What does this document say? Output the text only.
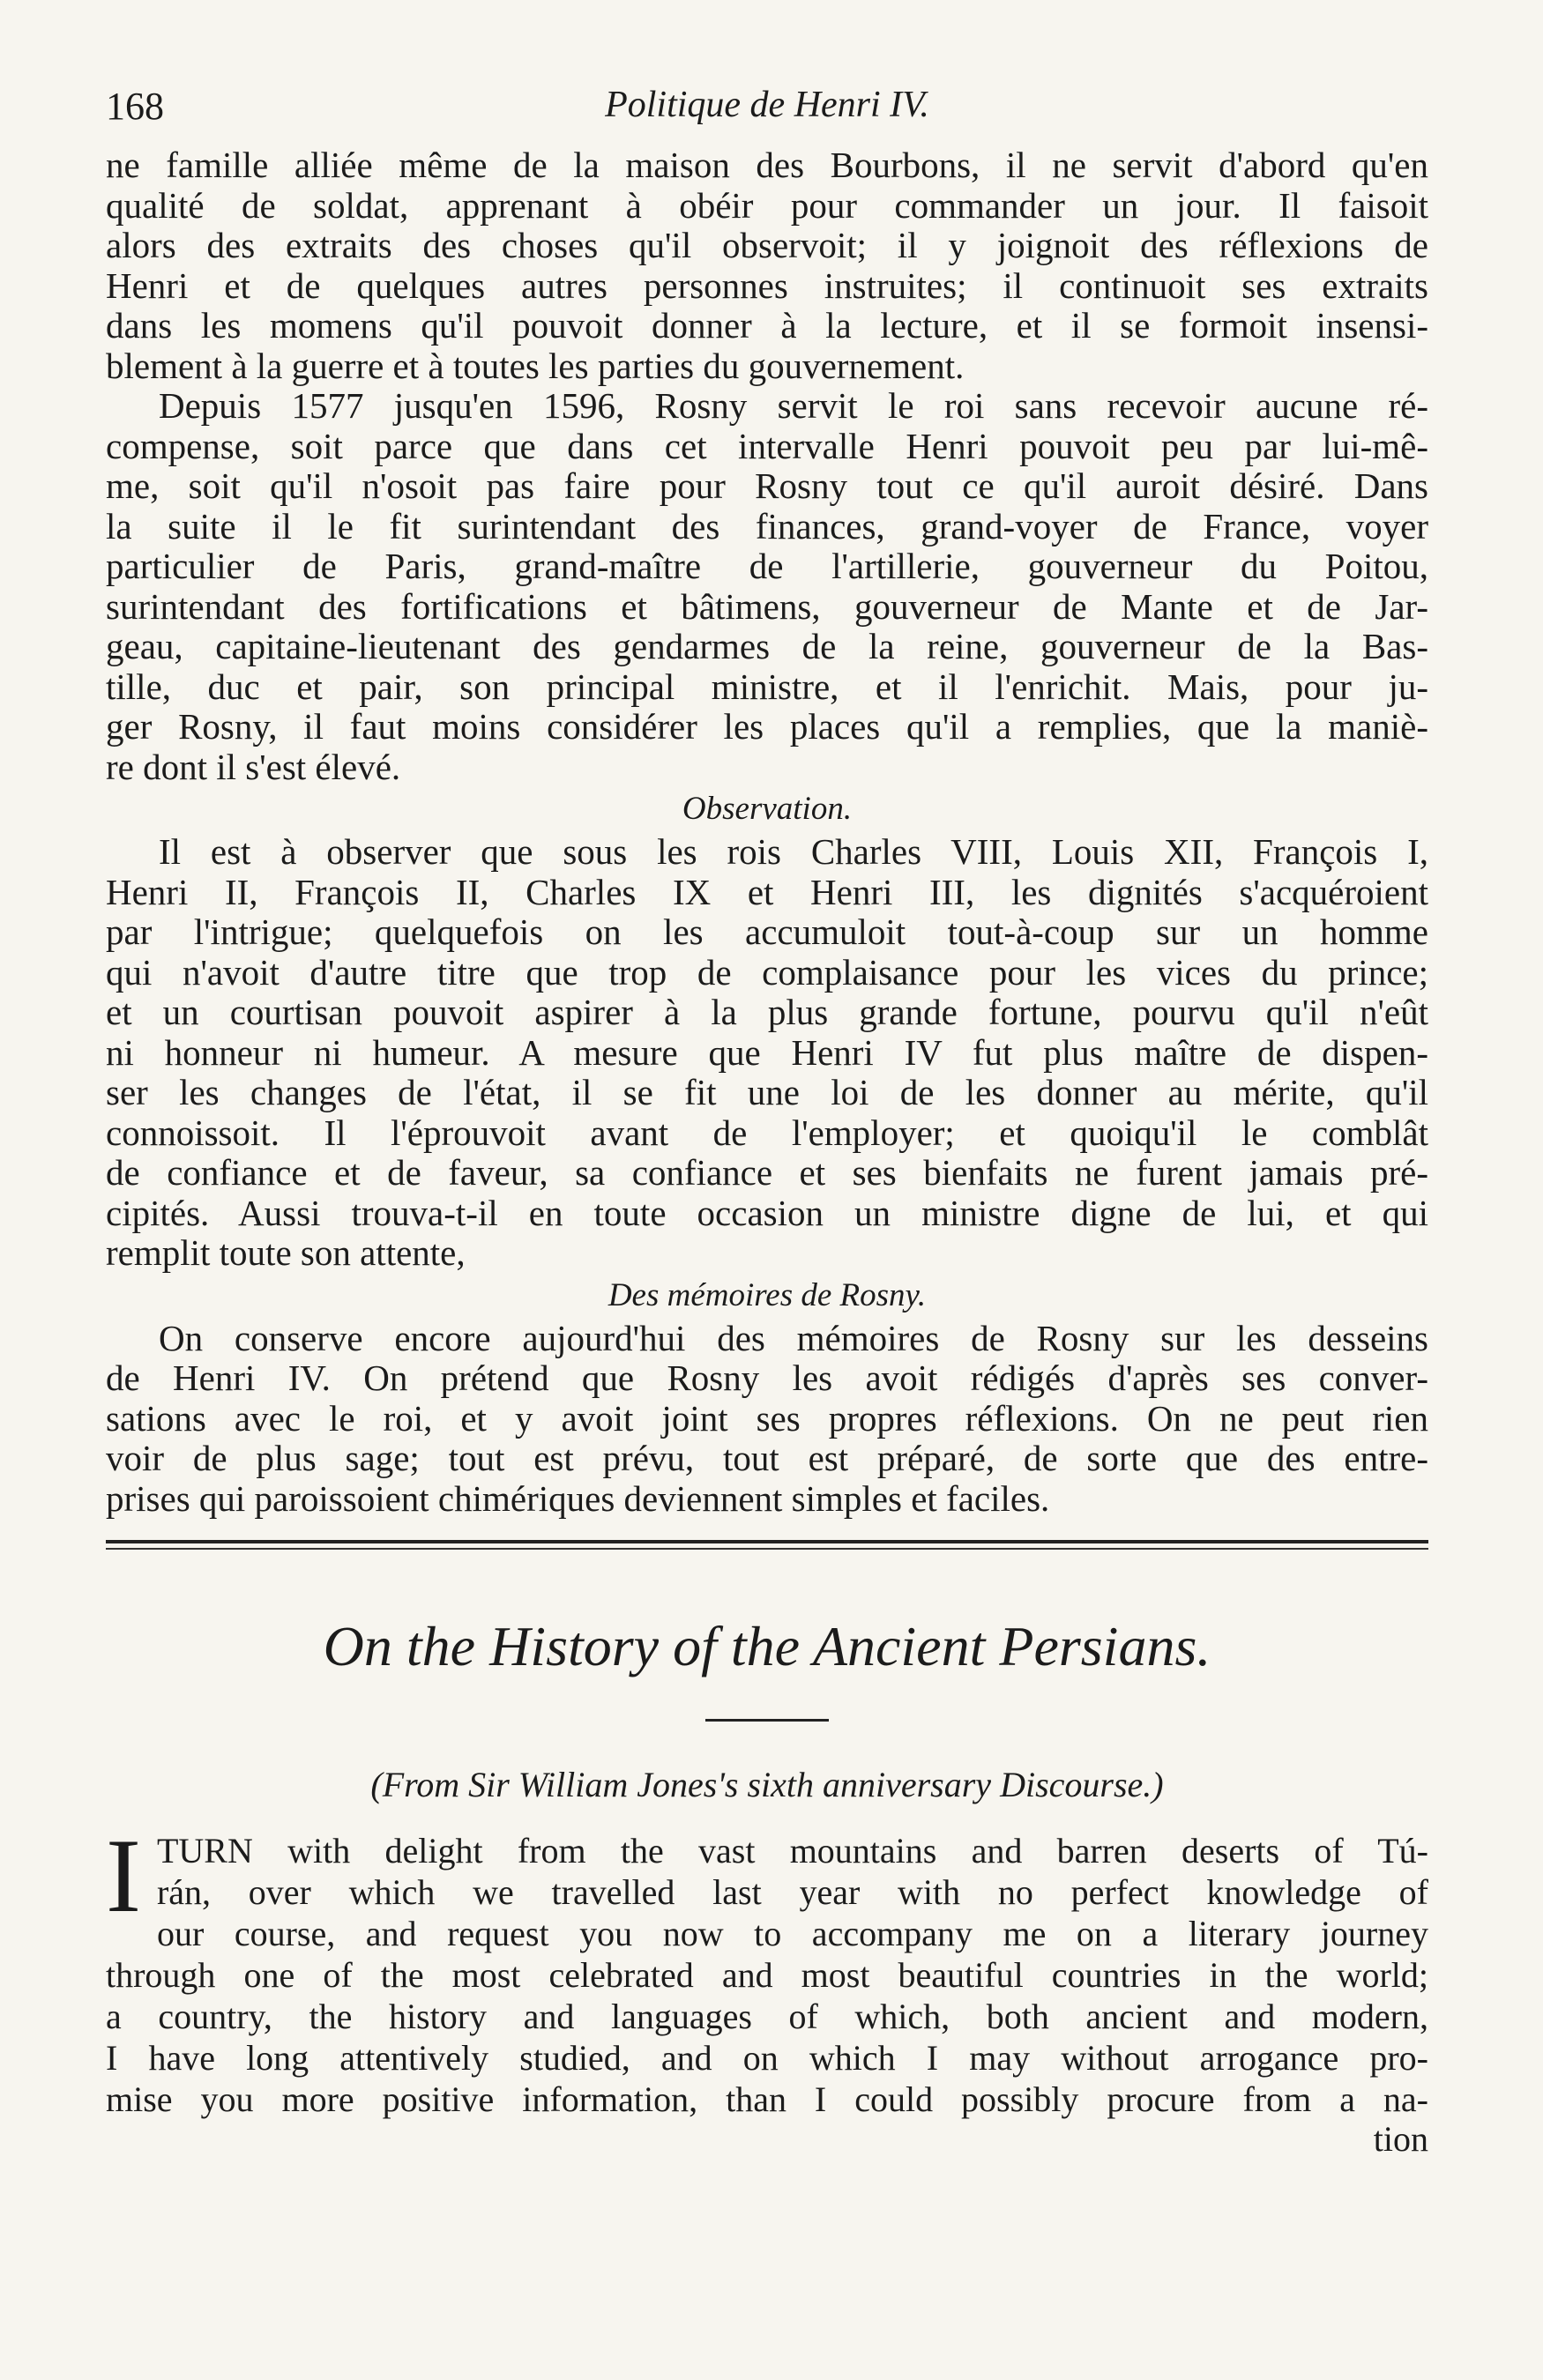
168	Politique de Henri IV.
ne famille alliée même de la maison des Bourbons, il ne servit d'abord qu'en
qualité de soldat, apprenant à obéir pour commander un jour. Il faisoit
alors des extraits des choses qu'il observoit; il y joignoit des réflexions de
Henri et de quelques autres personnes instruites; il continuoit ses extraits
dans les momens qu'il pouvoit donner à la lecture, et il se formoit insensi-
blement à la guerre et à toutes les parties du gouvernement.
Depuis 1577 jusqu'en 1596, Rosny servit le roi sans recevoir aucune ré-
compense, soit parce que dans cet intervalle Henri pouvoit peu par lui-mê-
me, soit qu'il n'osoit pas faire pour Rosny tout ce qu'il auroit désiré. Dans
la suite il le fit surintendant des finances, grand-voyer de France, voyer
particulier de Paris, grand-maître de l'artillerie, gouverneur du Poitou,
surintendant des fortifications et bâtimens, gouverneur de Mante et de Jar-
geau, capitaine-lieutenant des gendarmes de la reine, gouverneur de la Bas-
tille, duc et pair, son principal ministre, et il l'enrichit. Mais, pour ju-
ger Rosny, il faut moins considérer les places qu'il a remplies, que la maniè-
re dont il s'est élevé.
Observation.
Il est à observer que sous les rois Charles VIII, Louis XII, François I,
Henri II, François II, Charles IX et Henri III, les dignités s'acquéroient
par l'intrigue; quelquefois on les accumuloit tout-à-coup sur un homme
qui n'avoit d'autre titre que trop de complaisance pour les vices du prince;
et un courtisan pouvoit aspirer à la plus grande fortune, pourvu qu'il n'eût
ni honneur ni humeur. A mesure que Henri IV fut plus maître de dispen-
ser les changes de l'état, il se fit une loi de les donner au mérite, qu'il
connoissoit. Il l'éprouvoit avant de l'employer; et quoiqu'il le comblât
de confiance et de faveur, sa confiance et ses bienfaits ne furent jamais pré-
cipités. Aussi trouva-t-il en toute occasion un ministre digne de lui, et qui
remplit toute son attente,
Des mémoires de Rosny.
On conserve encore aujourd'hui des mémoires de Rosny sur les desseins
de Henri IV. On prétend que Rosny les avoit rédigés d'après ses conver-
sations avec le roi, et y avoit joint ses propres réflexions. On ne peut rien
voir de plus sage; tout est prévu, tout est préparé, de sorte que des entre-
prises qui paroissoient chimériques deviennent simples et faciles.
On the History of the Ancient Persians.
(From Sir William Jones's sixth anniversary Discourse.)
I TURN with delight from the vast mountains and barren deserts of Tú-
rán, over which we travelled last year with no perfect knowledge of
our course, and request you now to accompany me on a literary journey
through one of the most celebrated and most beautiful countries in the world;
a country, the history and languages of which, both ancient and modern,
I have long attentively studied, and on which I may without arrogance pro-
mise you more positive information, than I could possibly procure from a na-
tion
